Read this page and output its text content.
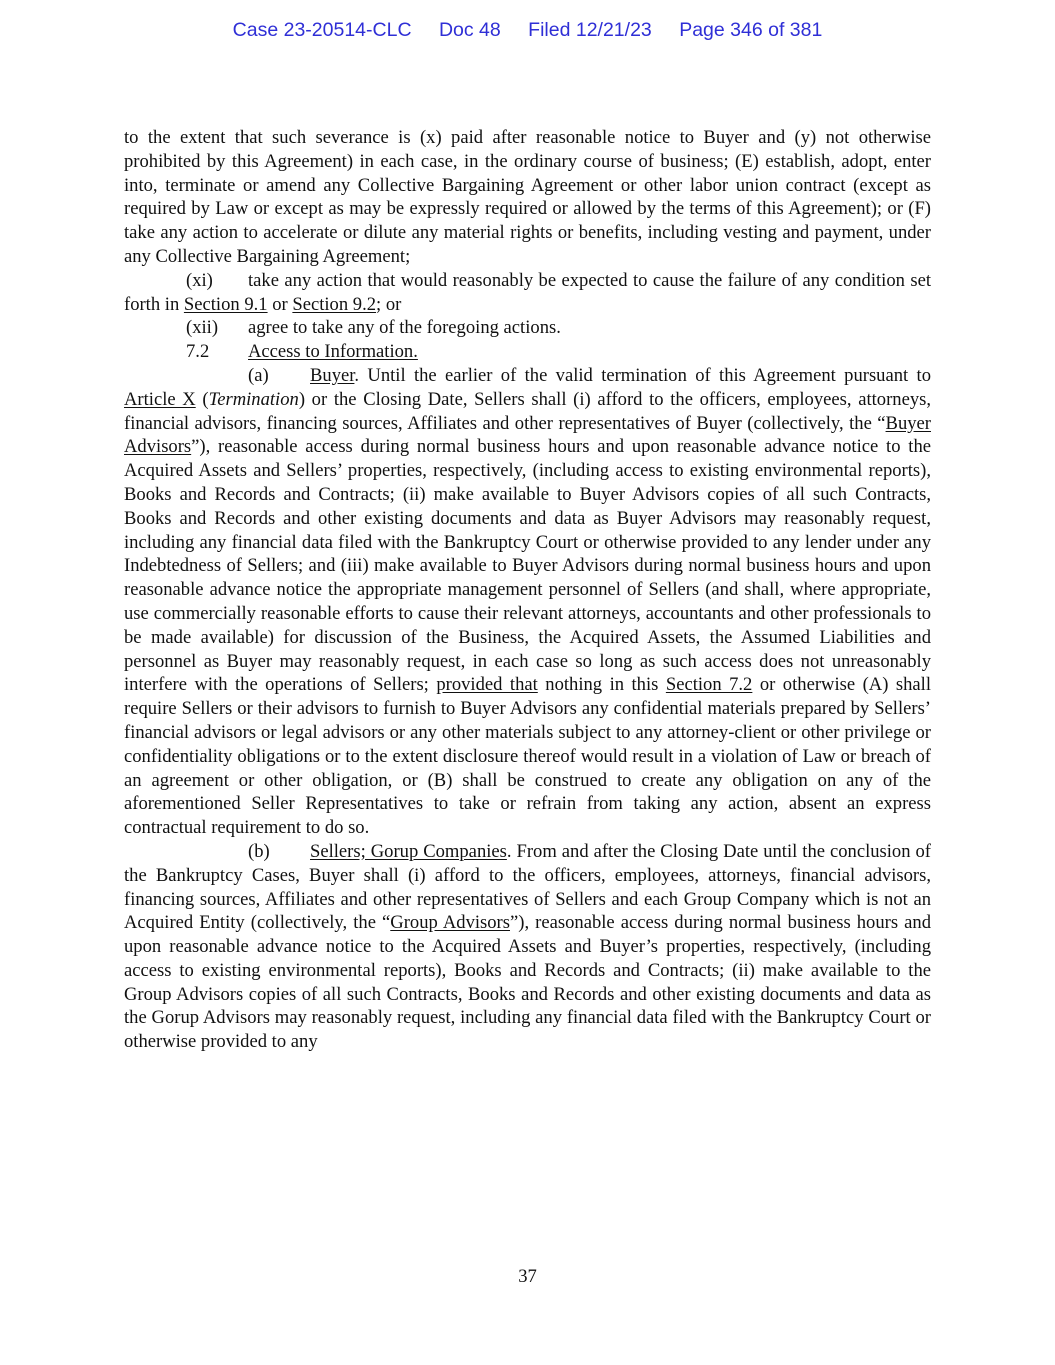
Case 23-20514-CLC Doc 48 Filed 12/21/23 Page 346 of 381

to the extent that such severance is (x) paid after reasonable notice to Buyer and (y) not otherwise prohibited by this Agreement) in each case, in the ordinary course of business; (E) establish, adopt, enter into, terminate or amend any Collective Bargaining Agreement or other labor union contract (except as required by Law or except as may be expressly required or allowed by the terms of this Agreement); or (F) take any action to accelerate or dilute any material rights or benefits, including vesting and payment, under any Collective Bargaining Agreement;

(xi) take any action that would reasonably be expected to cause the failure of any condition set forth in Section 9.1 or Section 9.2; or

(xii) agree to take any of the foregoing actions.

7.2 Access to Information.

(a) Buyer. Until the earlier of the valid termination of this Agreement pursuant to Article X (Termination) or the Closing Date, Sellers shall (i) afford to the officers, employees, attorneys, financial advisors, financing sources, Affiliates and other representatives of Buyer (collectively, the “Buyer Advisors”), reasonable access during normal business hours and upon reasonable advance notice to the Acquired Assets and Sellers’ properties, respectively, (including access to existing environmental reports), Books and Records and Contracts; (ii) make available to Buyer Advisors copies of all such Contracts, Books and Records and other existing documents and data as Buyer Advisors may reasonably request, including any financial data filed with the Bankruptcy Court or otherwise provided to any lender under any Indebtedness of Sellers; and (iii) make available to Buyer Advisors during normal business hours and upon reasonable advance notice the appropriate management personnel of Sellers (and shall, where appropriate, use commercially reasonable efforts to cause their relevant attorneys, accountants and other professionals to be made available) for discussion of the Business, the Acquired Assets, the Assumed Liabilities and personnel as Buyer may reasonably request, in each case so long as such access does not unreasonably interfere with the operations of Sellers; provided that nothing in this Section 7.2 or otherwise (A) shall require Sellers or their advisors to furnish to Buyer Advisors any confidential materials prepared by Sellers’ financial advisors or legal advisors or any other materials subject to any attorney-client or other privilege or confidentiality obligations or to the extent disclosure thereof would result in a violation of Law or breach of an agreement or other obligation, or (B) shall be construed to create any obligation on any of the aforementioned Seller Representatives to take or refrain from taking any action, absent an express contractual requirement to do so.

(b) Sellers; Gorup Companies. From and after the Closing Date until the conclusion of the Bankruptcy Cases, Buyer shall (i) afford to the officers, employees, attorneys, financial advisors, financing sources, Affiliates and other representatives of Sellers and each Group Company which is not an Acquired Entity (collectively, the “Group Advisors”), reasonable access during normal business hours and upon reasonable advance notice to the Acquired Assets and Buyer’s properties, respectively, (including access to existing environmental reports), Books and Records and Contracts; (ii) make available to the Group Advisors copies of all such Contracts, Books and Records and other existing documents and data as the Gorup Advisors may reasonably request, including any financial data filed with the Bankruptcy Court or otherwise provided to any

37
